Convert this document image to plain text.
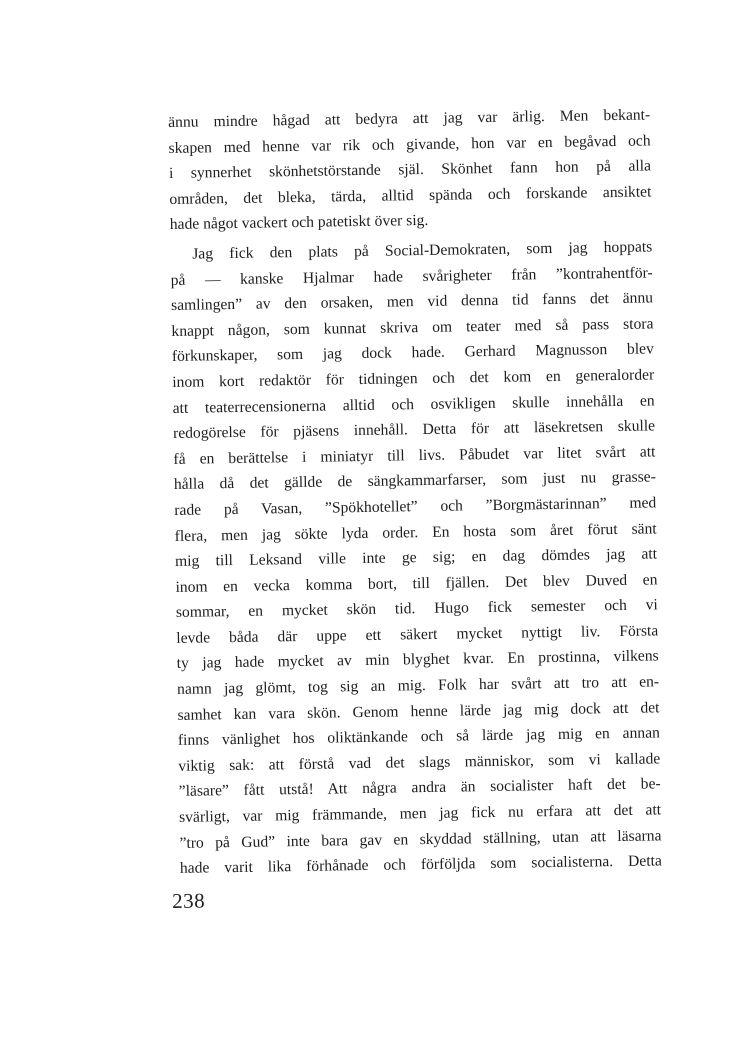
ännu mindre hågad att bedyra att jag var ärlig. Men bekant-
skapen med henne var rik och givande, hon var en begåvad och
i synnerhet skönhetstörstande själ. Skönhet fann hon på alla
områden, det bleka, tärda, alltid spända och forskande ansiktet
hade något vackert och patetiskt över sig.
Jag fick den plats på Social-Demokraten, som jag hoppats
på — kanske Hjalmar hade svårigheter från ”kontrahentför-
samlingen” av den orsaken, men vid denna tid fanns det ännu
knappt någon, som kunnat skriva om teater med så pass stora
förkunskaper, som jag dock hade. Gerhard Magnusson blev
inom kort redaktör för tidningen och det kom en generalorder
att teaterrecensionerna alltid och osvikligen skulle innehålla en
redogörelse för pjäsens innehåll. Detta för att läsekretsen skulle
få en berättelse i miniatyr till livs. Påbudet var litet svårt att
hålla då det gällde de sängkammarfarser, som just nu grasse-
rade på Vasan, ”Spökhotellet” och ”Borgmästarinnan” med
flera, men jag sökte lyda order. En hosta som året förut sänt
mig till Leksand ville inte ge sig; en dag dömdes jag att
inom en vecka komma bort, till fjällen. Det blev Duved en
sommar, en mycket skön tid. Hugo fick semester och vi
levde båda där uppe ett säkert mycket nyttigt liv. Första
ty jag hade mycket av min blyghet kvar. En prostinna, vilkens
namn jag glömt, tog sig an mig. Folk har svårt att tro att en-
samhet kan vara skön. Genom henne lärde jag mig dock att det
finns vänlighet hos oliktänkande och så lärde jag mig en annan
viktig sak: att förstå vad det slags människor, som vi kallade
”läsare” fått utstå! Att några andra än socialister haft det be-
svärligt, var mig främmande, men jag fick nu erfara att det att
”tro på Gud” inte bara gav en skyddad ställning, utan att läsarna
hade varit lika förhånade och förföljda som socialisterna. Detta
238
